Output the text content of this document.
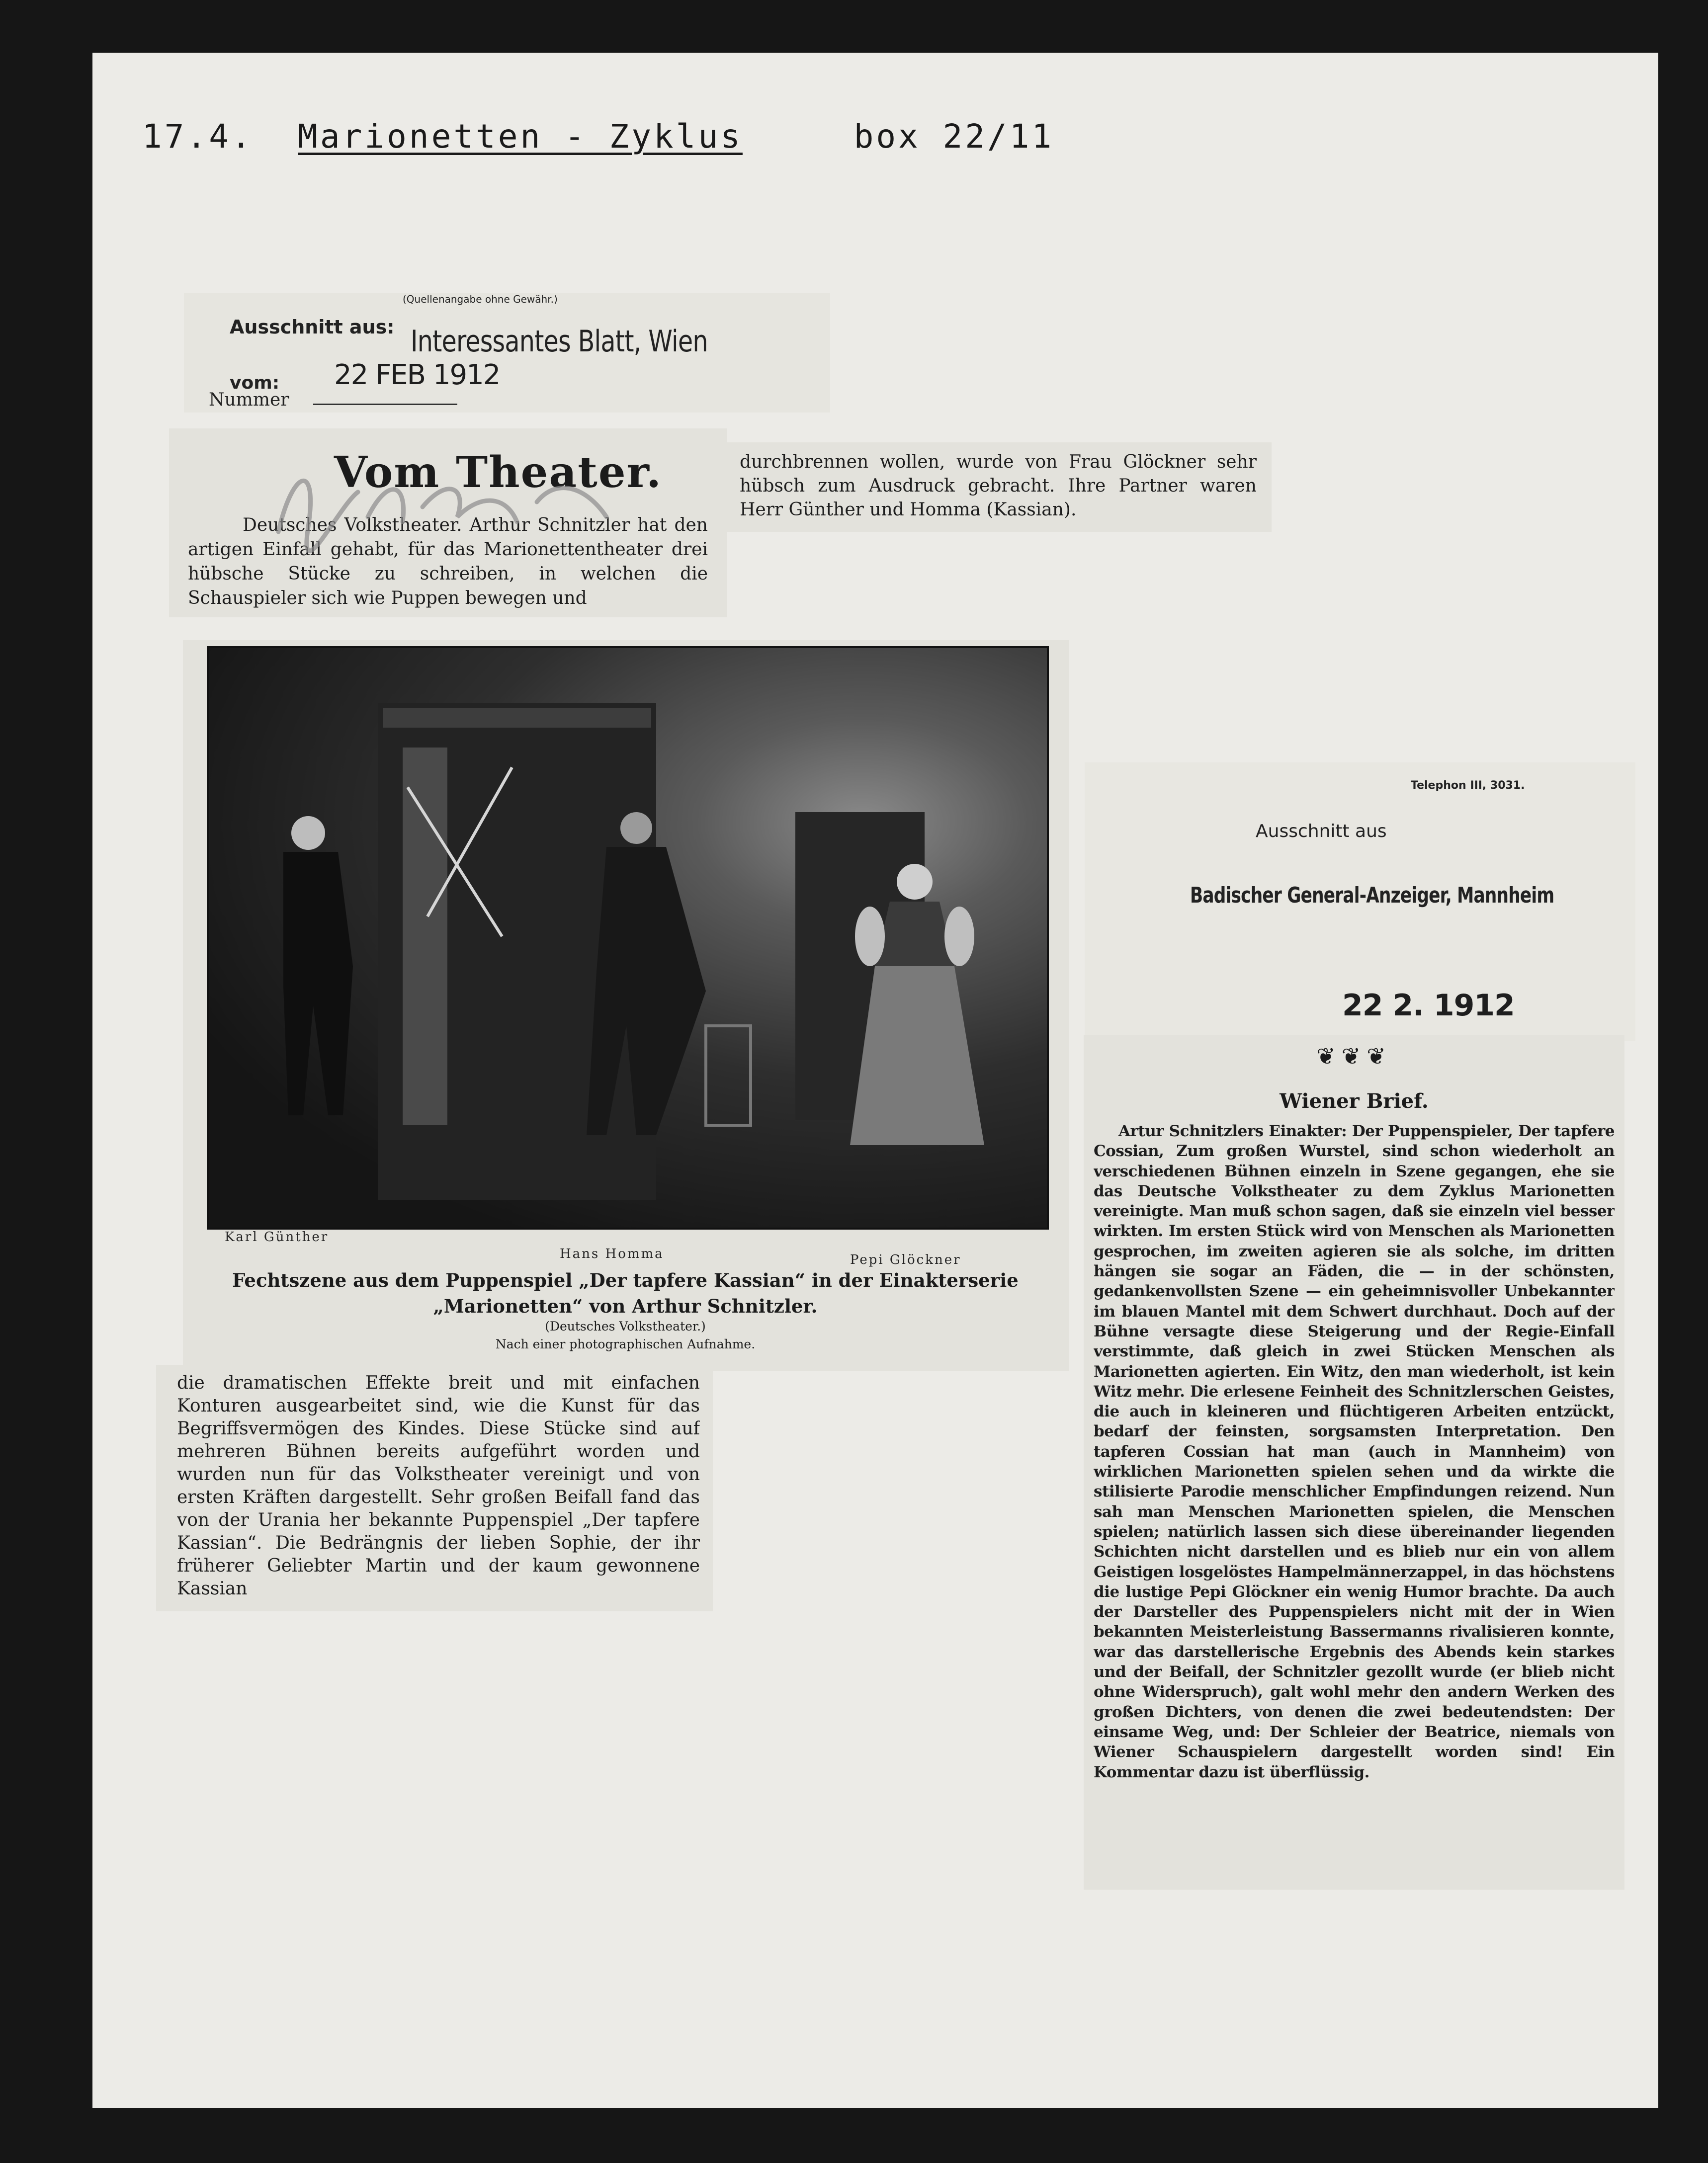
17.4. Marionetten - Zyklus	box 22/11
(Quellenangabe ohne Gewähr.)
Ausschnitt aus: Interessantes Blatt, Wien
22 FEB 1912
vom:
Nummer
Vom Theater.
Deutsches Volkstheater. Arthur Schnitzler hat den artigen Einfall gehabt, für das Marionettentheater drei hübsche Stücke zu schreiben, in welchen die Schauspieler sich wie Puppen bewegen und
durchbrennen wollen, wurde von Frau Glöckner sehr hübsch zum Ausdruck gebracht. Ihre Partner waren Herr Günther und Homma (Kassian).
Karl Günther
Hans Homma	Pepi Glöckner
Fechtszene aus dem Puppenspiel „Der tapfere Kassian“ in der Einakterserie „Marionetten“ von Arthur Schnitzler.
(Deutsches Volkstheater.)
Nach einer photographischen Aufnahme.
die dramatischen Effekte breit und mit einfachen Konturen ausgearbeitet sind, wie die Kunst für das Begriffsvermögen des Kindes. Diese Stücke sind auf mehreren Bühnen bereits aufgeführt worden und wurden nun für das Volkstheater vereinigt und von ersten Kräften dargestellt. Sehr großen Beifall fand das von der Urania her bekannte Puppenspiel „Der tapfere Kassian“. Die Bedrängnis der lieben Sophie, der ihr früherer Geliebter Martin und der kaum gewonnene Kassian
Telephon III, 3031.
Ausschnitt aus
Badischer General-Anzeiger, Mannheim
22 2. 1912
❦❦❦
Wiener Brief.
Artur Schnitzlers Einakter: Der Puppenspieler, Der tapfere Cossian, Zum großen Wurstel, sind schon wiederholt an verschiedenen Bühnen einzeln in Szene gegangen, ehe sie das Deutsche Volkstheater zu dem Zyklus Marionetten vereinigte. Man muß schon sagen, daß sie einzeln viel besser wirkten. Im ersten Stück wird von Menschen als Marionetten gesprochen, im zweiten agieren sie als solche, im dritten hängen sie sogar an Fäden, die — in der schönsten, gedankenvollsten Szene — ein geheimnisvoller Unbekannter im blauen Mantel mit dem Schwert durchhaut. Doch auf der Bühne versagte diese Steigerung und der Regie-Einfall verstimmte, daß gleich in zwei Stücken Menschen als Marionetten agierten. Ein Witz, den man wiederholt, ist kein Witz mehr. Die erlesene Feinheit des Schnitzlerschen Geistes, die auch in kleineren und flüchtigeren Arbeiten entzückt, bedarf der feinsten, sorgsamsten Interpretation. Den tapferen Cossian hat man (auch in Mannheim) von wirklichen Marionetten spielen sehen und da wirkte die stilisierte Parodie menschlicher Empfindungen reizend. Nun sah man Menschen Marionetten spielen, die Menschen spielen; natürlich lassen sich diese übereinander liegenden Schichten nicht darstellen und es blieb nur ein von allem Geistigen losgelöstes Hampelmännerzappel, in das höchstens die lustige Pepi Glöckner ein wenig Humor brachte. Da auch der Darsteller des Puppenspielers nicht mit der in Wien bekannten Meisterleistung Bassermanns rivalisieren konnte, war das darstellerische Ergebnis des Abends kein starkes und der Beifall, der Schnitzler gezollt wurde (er blieb nicht ohne Widerspruch), galt wohl mehr den andern Werken des großen Dichters, von denen die zwei bedeutendsten: Der einsame Weg, und: Der Schleier der Beatrice, niemals von Wiener Schauspielern dargestellt worden sind! Ein Kommentar dazu ist überflüssig.
